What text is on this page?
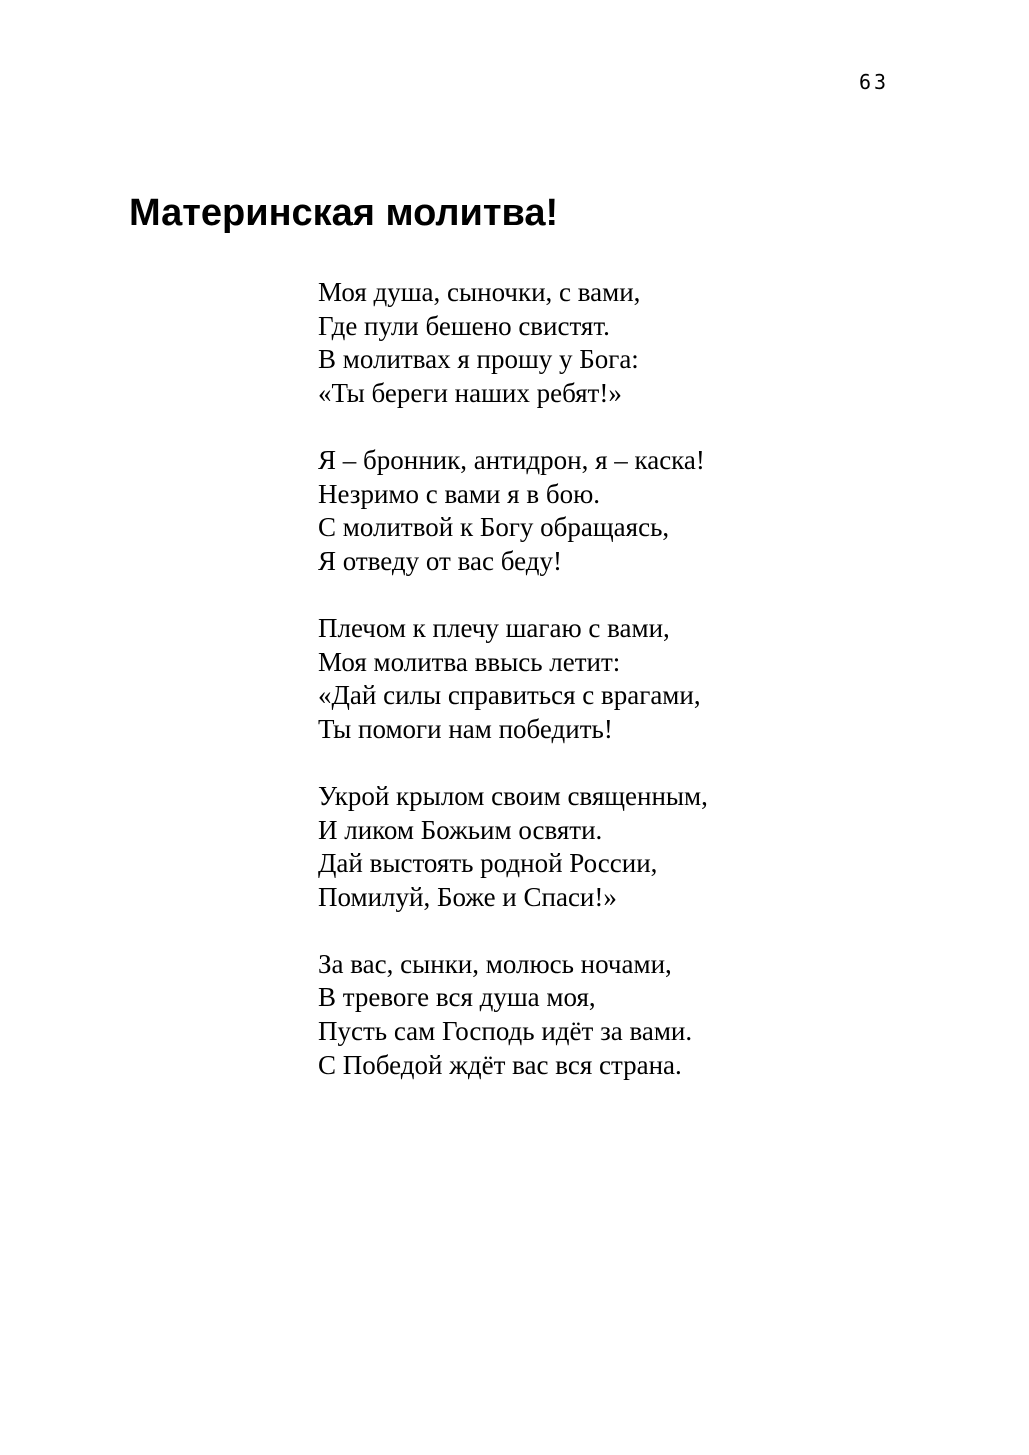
63
Материнская молитва!
Моя душа, сыночки, с вами,
Где пули бешено свистят.
В молитвах я прошу у Бога:
«Ты береги наших ребят!»
Я – бронник, антидрон, я – каска!
Незримо с вами я в бою.
С молитвой к Богу обращаясь,
Я отведу от вас беду!
Плечом к плечу шагаю с вами,
Моя молитва ввысь летит:
«Дай силы справиться с врагами,
Ты помоги нам победить!
Укрой крылом своим священным,
И ликом Божьим освяти.
Дай выстоять родной России,
Помилуй, Боже и Спаси!»
За вас, сынки, молюсь ночами,
В тревоге вся душа моя,
Пусть сам Господь идёт за вами.
С Победой ждёт вас вся страна.
